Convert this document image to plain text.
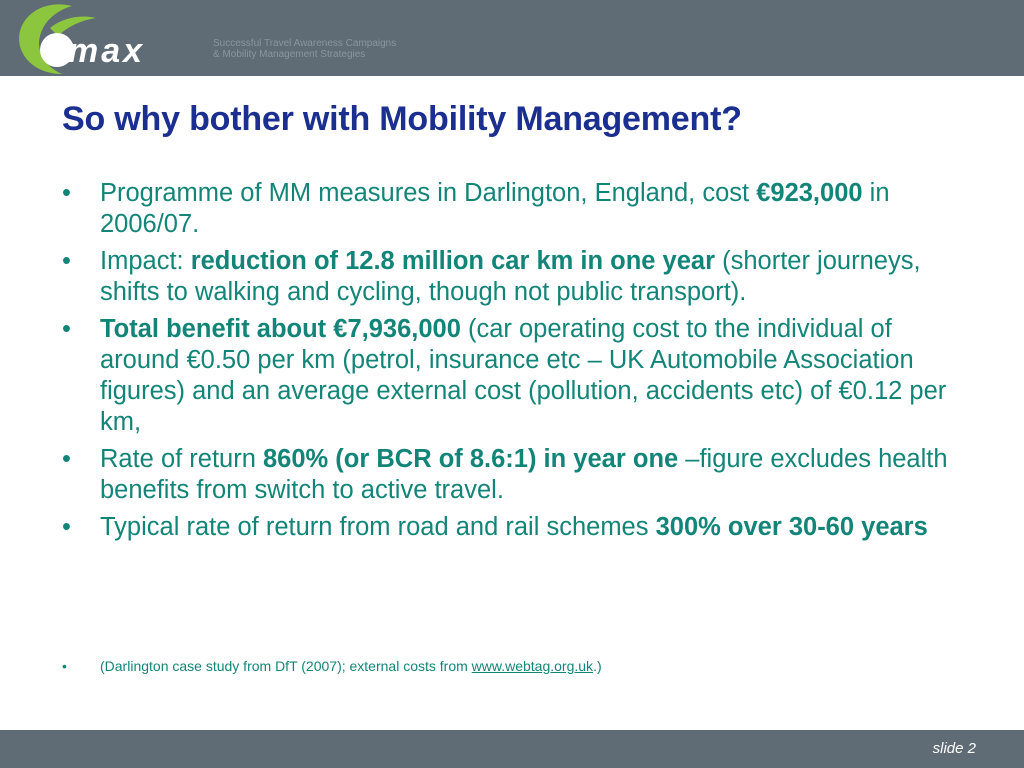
max	Successful Travel Awareness Campaigns
& Mobility Management Strategies
So why bother with Mobility Management?
• Programme of MM measures in Darlington, England, cost €923,000 in 2006/07.
• Impact: reduction of 12.8 million car km in one year (shorter journeys, shifts to walking and cycling, though not public transport).
• Total benefit about €7,936,000 (car operating cost to the individual of around €0.50 per km (petrol, insurance etc – UK Automobile Association figures) and an average external cost (pollution, accidents etc) of €0.12 per km,
• Rate of return 860% (or BCR of 8.6:1) in year one –figure excludes health benefits from switch to active travel.
• Typical rate of return from road and rail schemes 300% over 30-60 years

• (Darlington case study from DfT (2007); external costs from www.webtag.org.uk.)

slide 2
